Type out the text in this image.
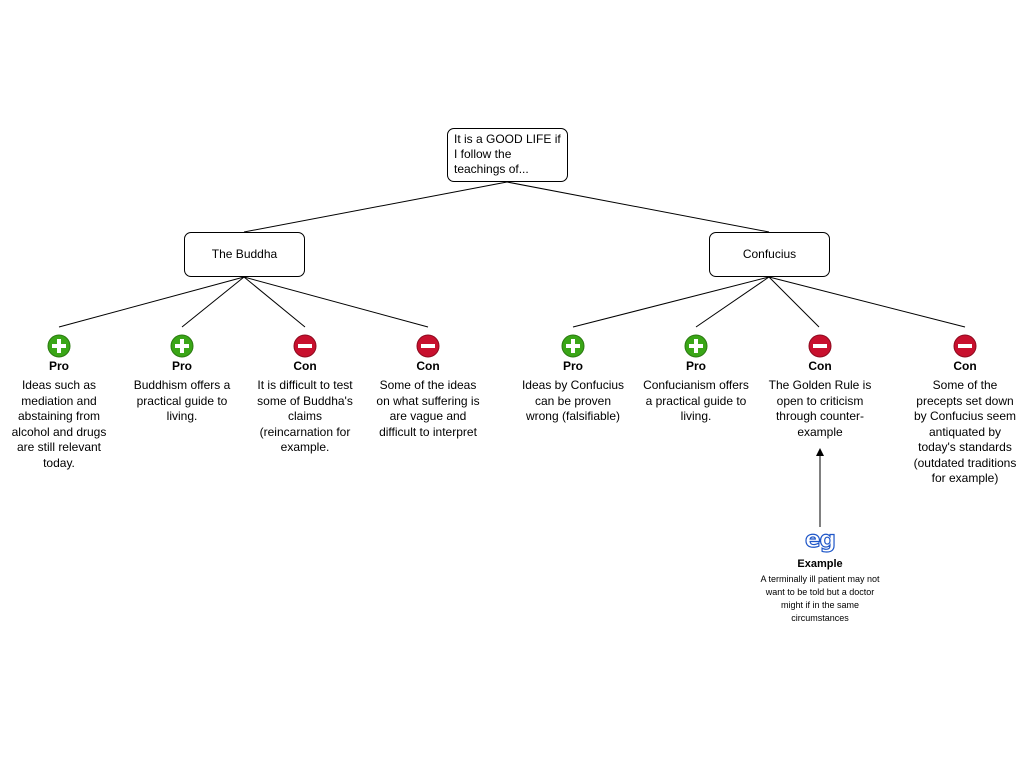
It is a GOOD LIFE if I follow the teachings of...
The Buddha	Confucius
Pro
Ideas such as mediation and abstaining from alcohol and drugs are still relevant today.
Pro
Buddhism offers a practical guide to living.
Con
It is difficult to test some of Buddha's claims (reincarnation for example.
Con
Some of the ideas on what suffering is are vague and difficult to interpret
Pro
Ideas by Confucius can be proven wrong (falsifiable)
Pro
Confucianism offers a practical guide to living.
Con
The Golden Rule is open to criticism through counter-example
Con
Some of the precepts set down by Confucius seem antiquated by today's standards (outdated traditions for example)
eg
Example
A terminally ill patient may not want to be told but a doctor might if in the same circumstances
